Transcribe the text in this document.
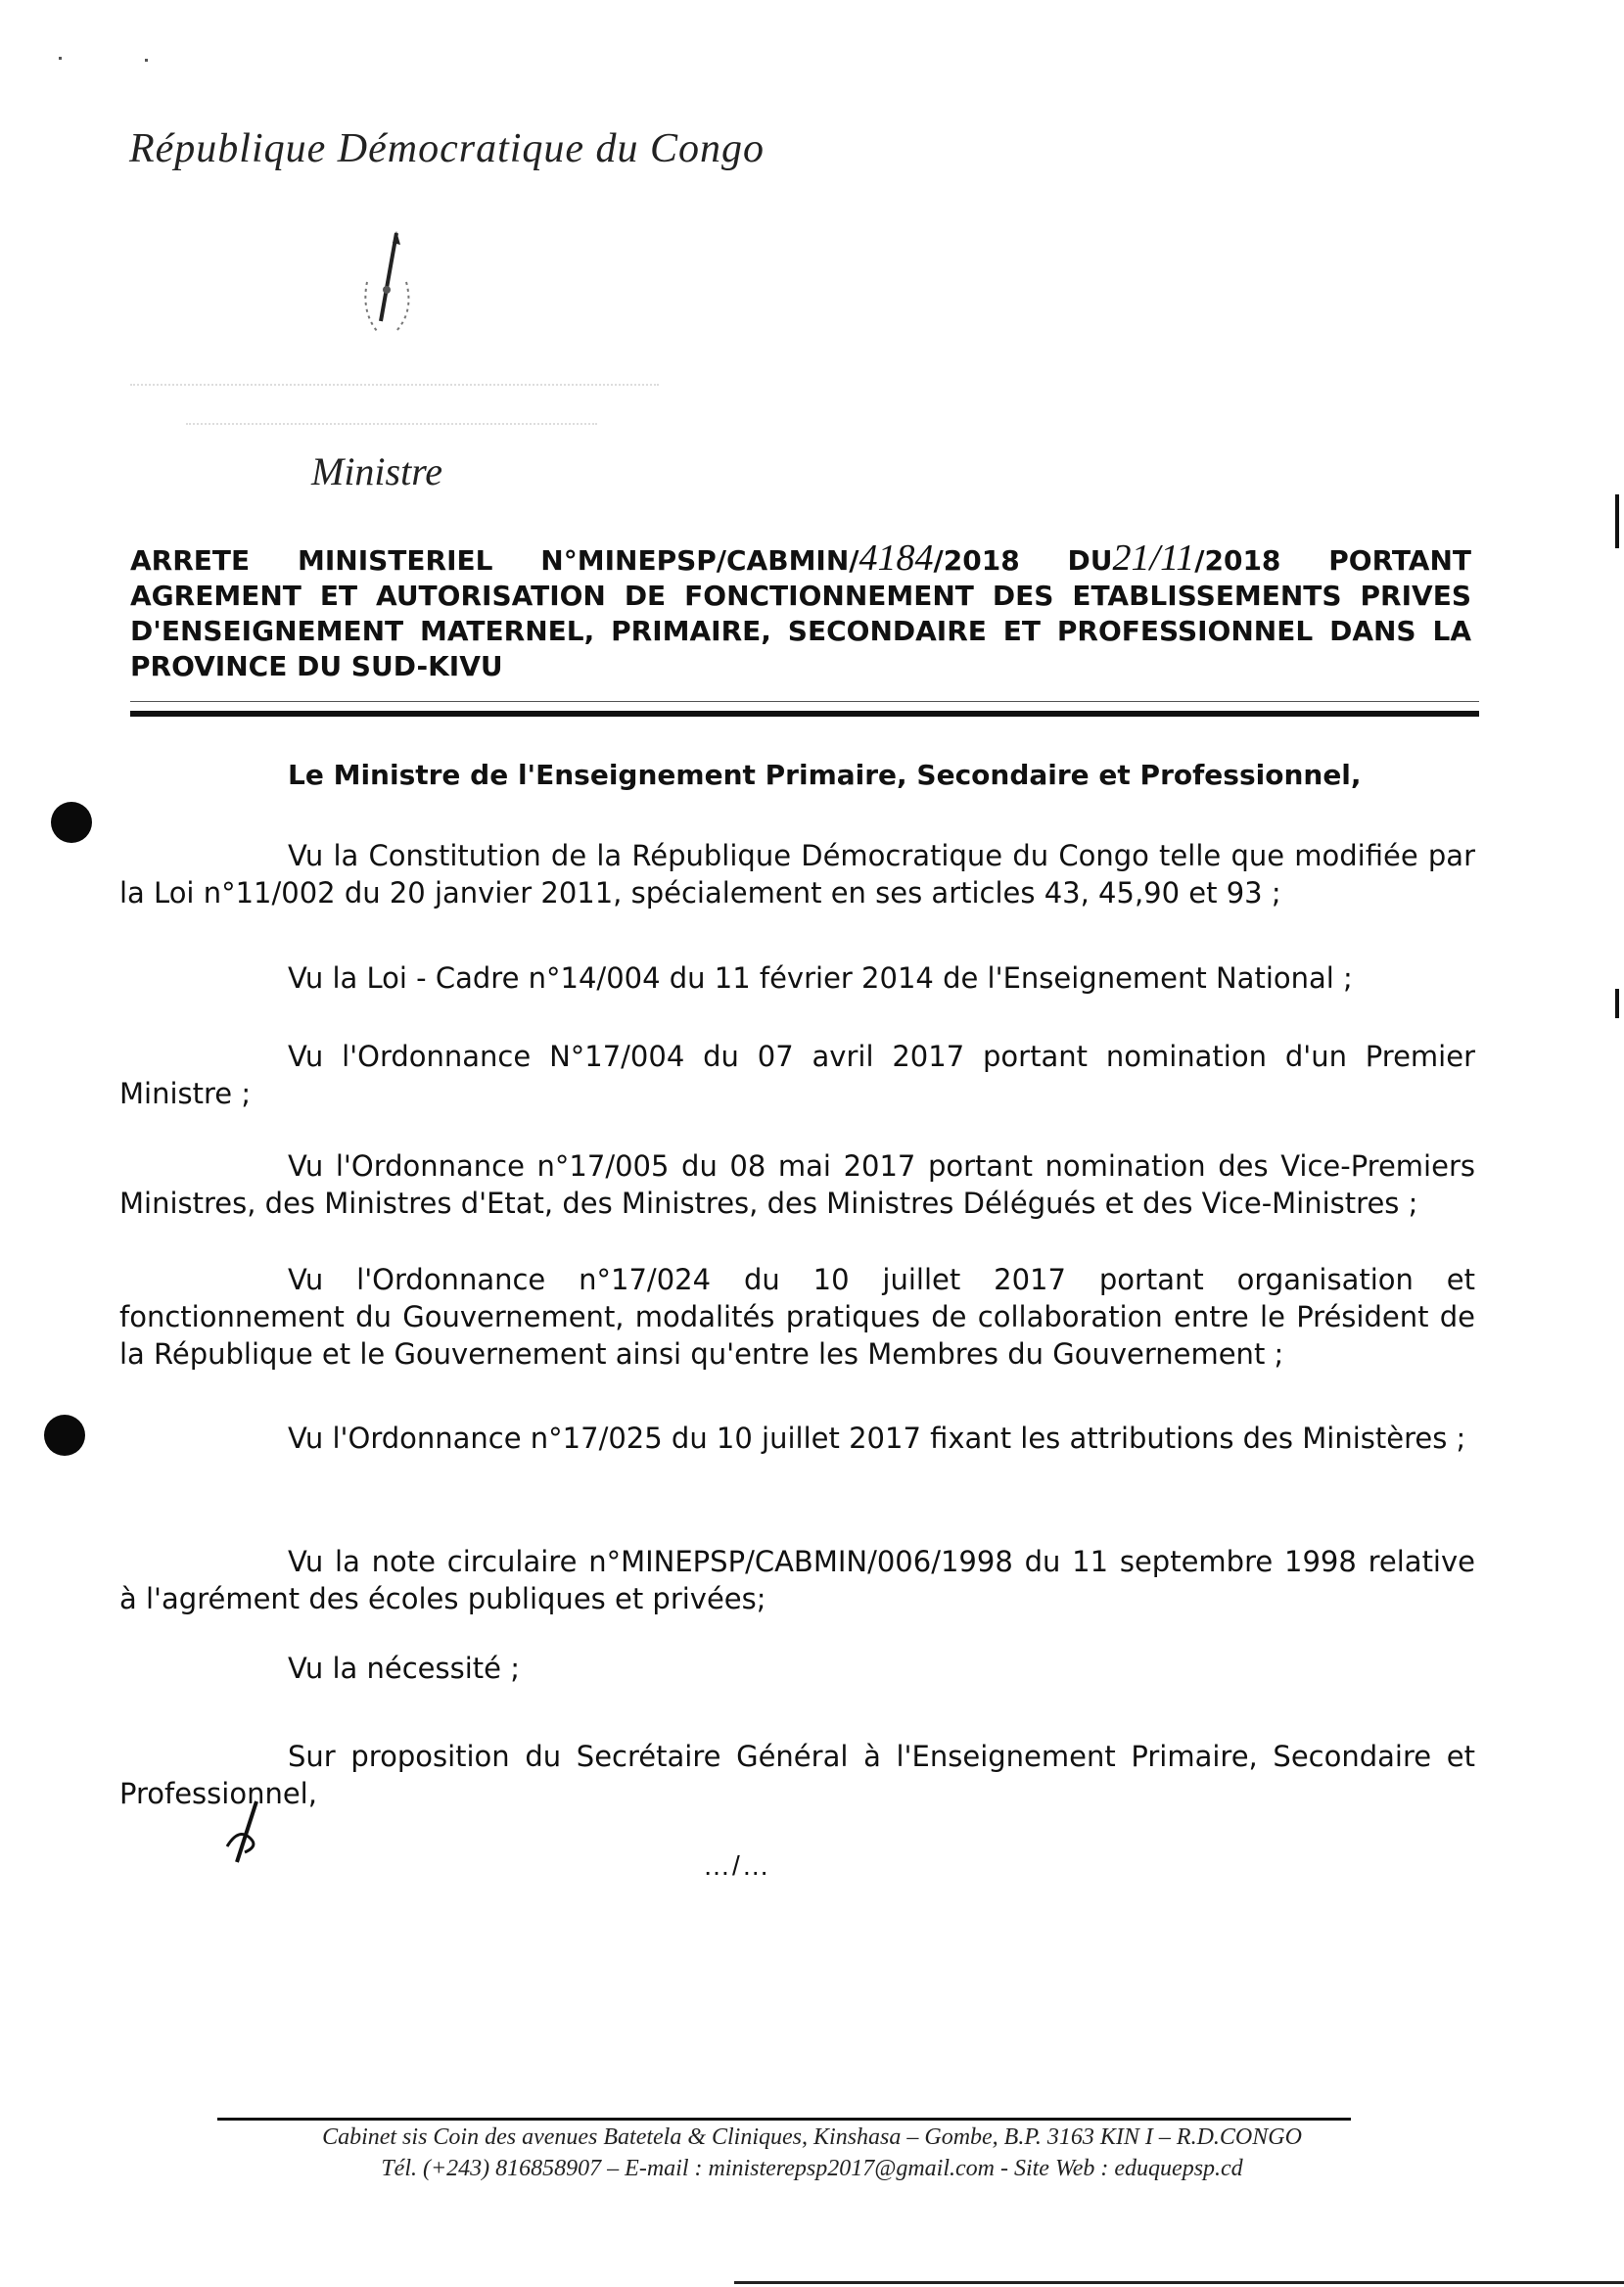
République Démocratique du Congo
Ministre
ARRETE MINISTERIEL N°MINEPSP/CABMIN/4184/2018 DU21/11/2018 PORTANT AGREMENT ET AUTORISATION DE FONCTIONNEMENT DES ETABLISSEMENTS PRIVES D'ENSEIGNEMENT MATERNEL, PRIMAIRE, SECONDAIRE ET PROFESSIONNEL DANS LA PROVINCE DU SUD-KIVU
Le Ministre de l'Enseignement Primaire, Secondaire et Professionnel,
Vu la Constitution de la République Démocratique du Congo telle que modifiée par la Loi n°11/002 du 20 janvier 2011, spécialement en ses articles 43, 45,90 et 93 ;
Vu la Loi - Cadre n°14/004 du 11 février 2014 de l'Enseignement National ;
Vu l'Ordonnance N°17/004 du 07 avril 2017 portant nomination d'un Premier Ministre ;
Vu l'Ordonnance n°17/005 du 08 mai 2017 portant nomination des Vice-Premiers Ministres, des Ministres d'Etat, des Ministres, des Ministres Délégués et des Vice-Ministres ;
Vu l'Ordonnance n°17/024 du 10 juillet 2017 portant organisation et fonctionnement du Gouvernement, modalités pratiques de collaboration entre le Président de la République et le Gouvernement ainsi qu'entre les Membres du Gouvernement ;
Vu l'Ordonnance n°17/025 du 10 juillet 2017 fixant les attributions des Ministères ;
Vu la note circulaire n°MINEPSP/CABMIN/006/1998 du 11 septembre 1998 relative à l'agrément des écoles publiques et privées;
Vu la nécessité ;
Sur proposition du Secrétaire Général à l'Enseignement Primaire, Secondaire et Professionnel,
…/…
Cabinet sis Coin des avenues Batetela & Cliniques, Kinshasa – Gombe, B.P. 3163 KIN I – R.D.CONGO
Tél. (+243) 816858907 – E-mail : ministerepsp2017@gmail.com - Site Web : eduquepsp.cd
